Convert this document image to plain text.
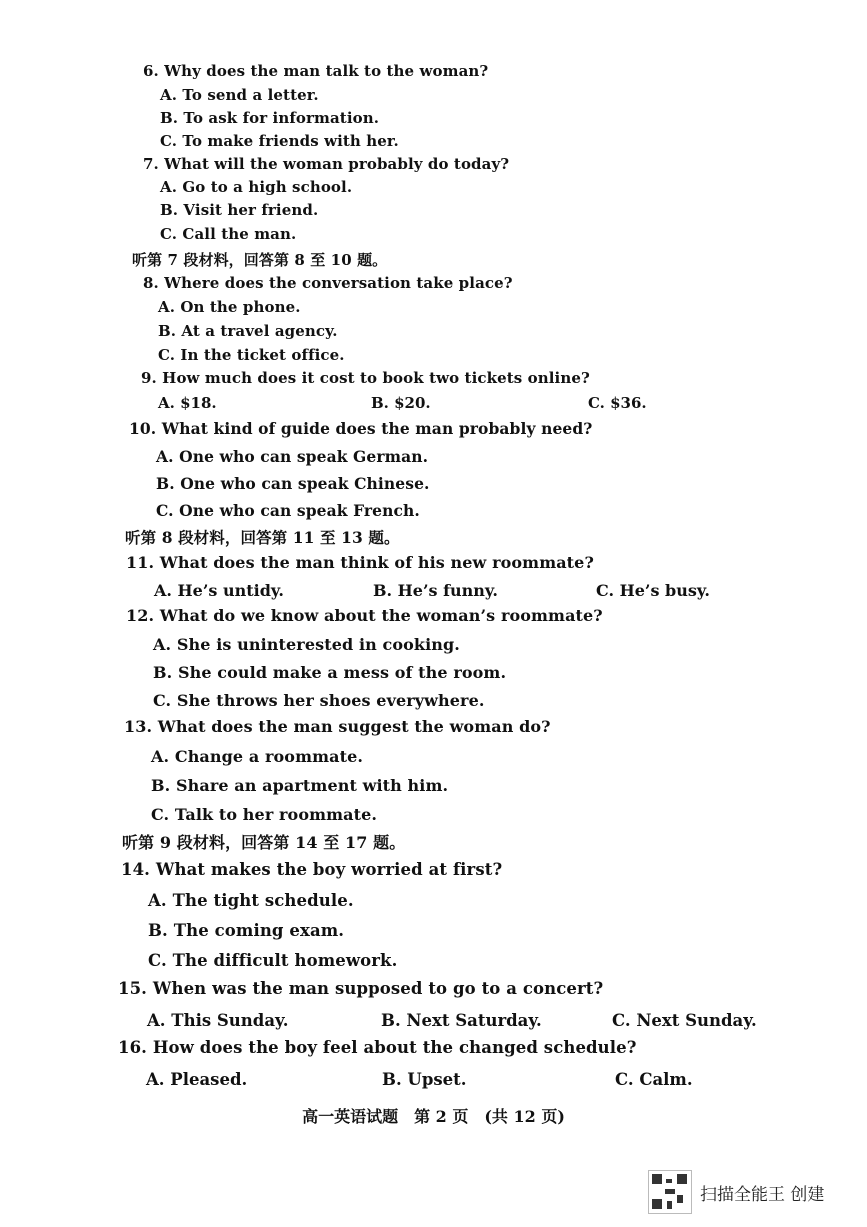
6. Why does the man talk to the woman?
A. To send a letter.
B. To ask for information.
C. To make friends with her.
7. What will the woman probably do today?
A. Go to a high school.
B. Visit her friend.
C. Call the man.
听第 7 段材料，回答第 8 至 10 题。
8. Where does the conversation take place?
A. On the phone.
B. At a travel agency.
C. In the ticket office.
9. How much does it cost to book two tickets online?
10. What kind of guide does the man probably need?
A. One who can speak German.
B. One who can speak Chinese.
C. One who can speak French.
听第 8 段材料，回答第 11 至 13 题。
11. What does the man think of his new roommate?
12. What do we know about the woman’s roommate?
A. She is uninterested in cooking.
B. She could make a mess of the room.
C. She throws her shoes everywhere.
13. What does the man suggest the woman do?
A. Change a roommate.
B. Share an apartment with him.
C. Talk to her roommate.
听第 9 段材料，回答第 14 至 17 题。
14. What makes the boy worried at first?
A. The tight schedule.
B. The coming exam.
C. The difficult homework.
15. When was the man supposed to go to a concert?
16. How does the boy feel about the changed schedule?
A. $18.	B. $20.	C. $36.
A. He’s untidy.	B. He’s funny.	C. He’s busy.
A. This Sunday.	B. Next Saturday.	C. Next Sunday.
A. Pleased.	B. Upset.	C. Calm.
高一英语试题　第 2 页　(共 12 页)
扫描全能王 创建
